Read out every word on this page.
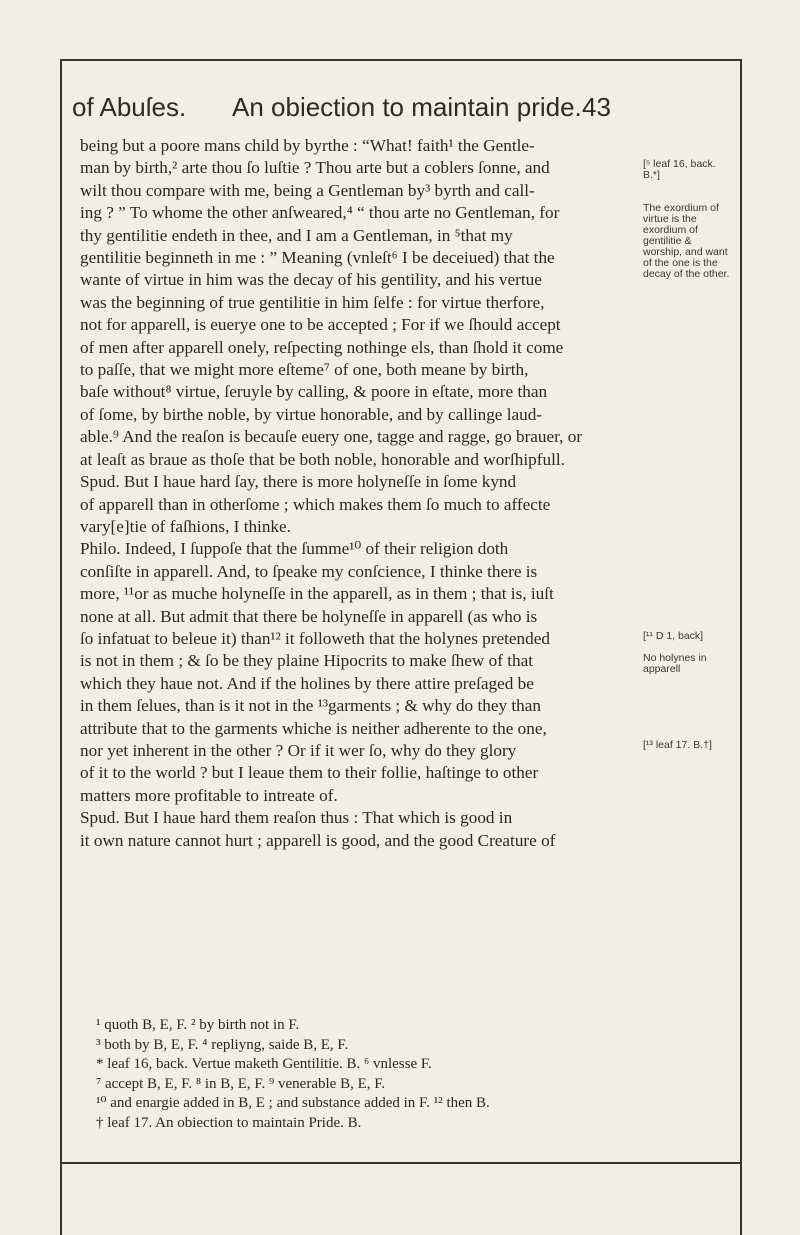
of Abuſes. An obiection to maintain pride. 43
being but a poore mans child by byrthe : “What! faith¹ the Gentle-
man by birth,² arte thou ſo luſtie ? Thou arte but a coblers ſonne, and
wilt thou compare with me, being a Gentleman by³ byrth and call-
ing ? ” To whome the other anſweared,⁴ “ thou arte no Gentleman, for
thy gentilitie endeth in thee, and I am a Gentleman, in ⁵that my
gentilitie beginneth in me : ” Meaning (vnleſt⁶ I be deceiued) that the
wante of virtue in him was the decay of his gentility, and his vertue
was the beginning of true gentilitie in him ſelfe : for virtue therfore,
not for apparell, is euerye one to be accepted ; For if we ſhould accept
of men after apparell onely, reſpecting nothinge els, than ſhold it come
to paſſe, that we might more eſteme⁷ of one, both meane by birth,
baſe without⁸ virtue, ſeruyle by calling, & poore in eſtate, more than
of ſome, by birthe noble, by virtue honorable, and by callinge laud-
able.⁹ And the reaſon is becauſe euery one, tagge and ragge, go brauer, or
at leaſt as braue as thoſe that be both noble, honorable and worſhipfull.
Spud. But I haue hard ſay, there is more holyneſſe in ſome kynd
of apparell than in otherſome ; which makes them ſo much to affecte
vary[e]tie of faſhions, I thinke.
Philo. Indeed, I ſuppoſe that the ſumme¹⁰ of their religion doth
conſiſte in apparell. And, to ſpeake my conſcience, I thinke there is
more, ¹¹or as muche holyneſſe in the apparell, as in them ; that is, iuſt
none at all. But admit that there be holyneſſe in apparell (as who is
ſo infatuat to beleue it) than¹² it followeth that the holynes pretended
is not in them ; & ſo be they plaine Hipocrits to make ſhew of that
which they haue not. And if the holines by there attire preſaged be
in them ſelues, than is it not in the ¹³garments ; & why do they than
attribute that to the garments whiche is neither adherente to the one,
nor yet inherent in the other ? Or if it wer ſo, why do they glory
of it to the world ? but I leaue them to their follie, haſtinge to other
matters more profitable to intreate of.
Spud. But I haue hard them reaſon thus : That which is good in
it own nature cannot hurt ; apparell is good, and the good Creature of
[⁵ leaf 16, back. B.*]
The exordium of virtue is the exordium of gentilitie & worship, and want of the one is the decay of the other.
[¹¹ D 1, back]
No holynes in apparell
[¹³ leaf 17. B.†]
¹ quoth B, E, F. ² by birth not in F.
³ both by B, E, F. ⁴ repliyng, saide B, E, F.
* leaf 16, back. Vertue maketh Gentilitie. B. ⁶ vnlesse F.
⁷ accept B, E, F. ⁸ in B, E, F. ⁹ venerable B, E, F.
¹⁰ and enargie added in B, E ; and substance added in F. ¹² then B.
† leaf 17. An obiection to maintain Pride. B.
